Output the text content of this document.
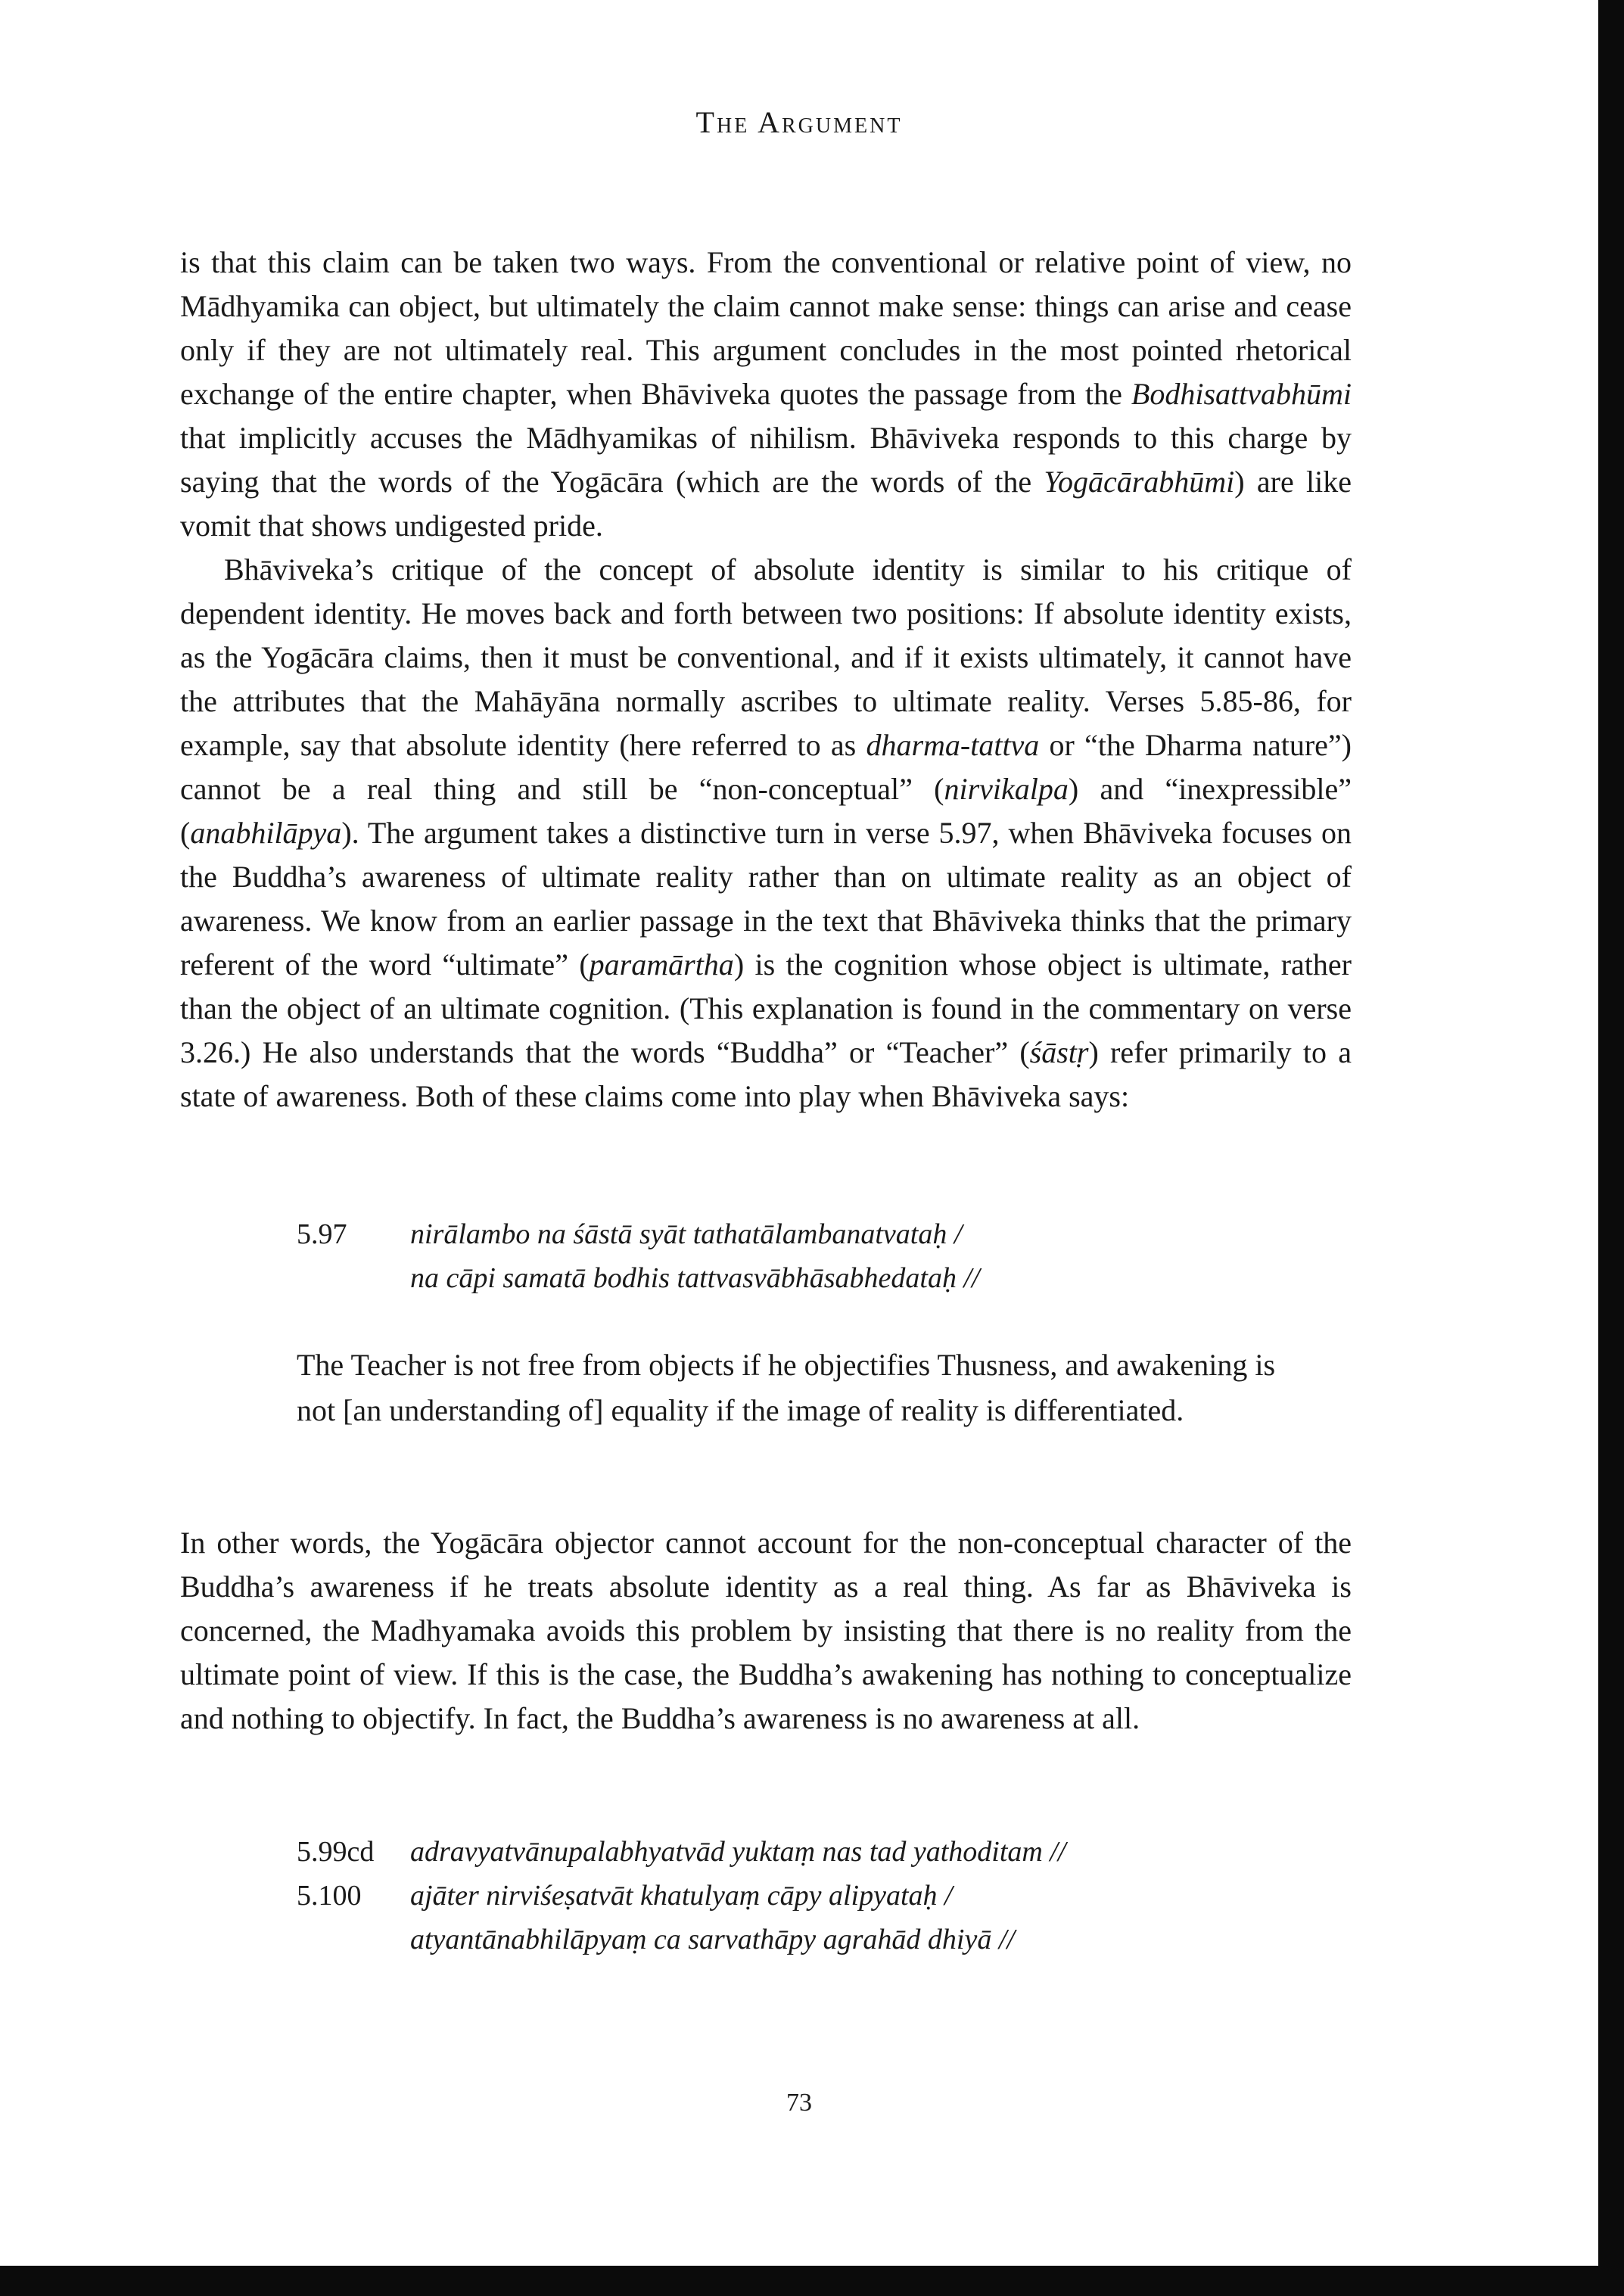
The Argument

is that this claim can be taken two ways. From the conventional or relative point of view, no Mādhyamika can object, but ultimately the claim cannot make sense: things can arise and cease only if they are not ultimately real. This argument concludes in the most pointed rhetorical exchange of the entire chapter, when Bhāviveka quotes the passage from the Bodhisattvabhūmi that implicitly accuses the Mādhyamikas of nihilism. Bhāviveka responds to this charge by saying that the words of the Yogācāra (which are the words of the Yogācārabhūmi) are like vomit that shows undigested pride.

Bhāviveka’s critique of the concept of absolute identity is similar to his critique of dependent identity. He moves back and forth between two positions: If absolute identity exists, as the Yogācāra claims, then it must be conventional, and if it exists ultimately, it cannot have the attributes that the Mahāyāna normally ascribes to ultimate reality. Verses 5.85-86, for example, say that absolute identity (here referred to as dharma-tattva or “the Dharma nature”) cannot be a real thing and still be “non-conceptual” (nirvikalpa) and “inexpressible” (anabhilāpya). The argument takes a distinctive turn in verse 5.97, when Bhāviveka focuses on the Buddha’s awareness of ultimate reality rather than on ultimate reality as an object of awareness. We know from an earlier passage in the text that Bhāviveka thinks that the primary referent of the word “ultimate” (paramārtha) is the cognition whose object is ultimate, rather than the object of an ultimate cognition. (This explanation is found in the commentary on verse 3.26.) He also understands that the words “Buddha” or “Teacher” (śāstṛ) refer primarily to a state of awareness. Both of these claims come into play when Bhāviveka says:

5.97	nirālambo na śāstā syāt tathatālambanatvataḥ /
na cāpi samatā bodhis tattvasvābhāsabhedataḥ //

The Teacher is not free from objects if he objectifies Thusness, and awakening is not [an understanding of] equality if the image of reality is differentiated.

In other words, the Yogācāra objector cannot account for the non-conceptual character of the Buddha’s awareness if he treats absolute identity as a real thing. As far as Bhāviveka is concerned, the Madhyamaka avoids this problem by insisting that there is no reality from the ultimate point of view. If this is the case, the Buddha’s awakening has nothing to conceptualize and nothing to objectify. In fact, the Buddha’s awareness is no awareness at all.

5.99cd	adravyatvānupalabhyatvād yuktaṃ nas tad yathoditam //
5.100	ajāter nirviśeṣatvāt khatulyaṃ cāpy alipyataḥ /
atyantānabhilāpyaṃ ca sarvathāpy agrahād dhiyā //
73
